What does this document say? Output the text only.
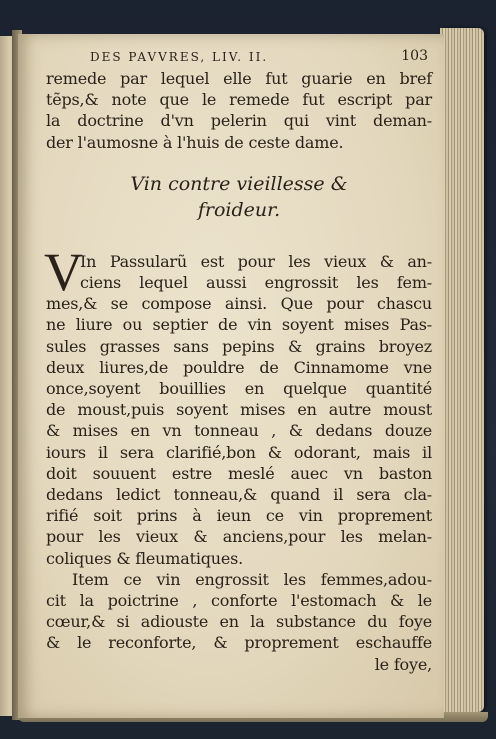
DES PAVVRES, LIV. II.	103
remede par lequel elle fut guarie en bref
tẽps,& note que le remede fut escript par
la doctrine d'vn pelerin qui vint deman-
der l'aumosne à l'huis de ceste dame.
Vin contre vieillesse &
froideur.
V
In Passularũ est pour les vieux & an-
ciens lequel aussi engrossit les fem-
mes,& se compose ainsi. Que pour chascu
ne liure ou septier de vin soyent mises Pas-
sules grasses sans pepins & grains broyez
deux liures,de pouldre de Cinnamome vne
once,soyent bouillies en quelque quantité
de moust,puis soyent mises en autre moust
& mises en vn tonneau , & dedans douze
iours il sera clarifié,bon & odorant, mais il
doit souuent estre meslé auec vn baston
dedans ledict tonneau,& quand il sera cla-
rifié soit prins à ieun ce vin proprement
pour les vieux & anciens,pour les melan-
coliques & fleumatiques.
Item ce vin engrossit les femmes,adou-
cit la poictrine , conforte l'estomach & le
cœur,& si adiouste en la substance du foye
& le reconforte, & proprement eschauffe
le foye,
